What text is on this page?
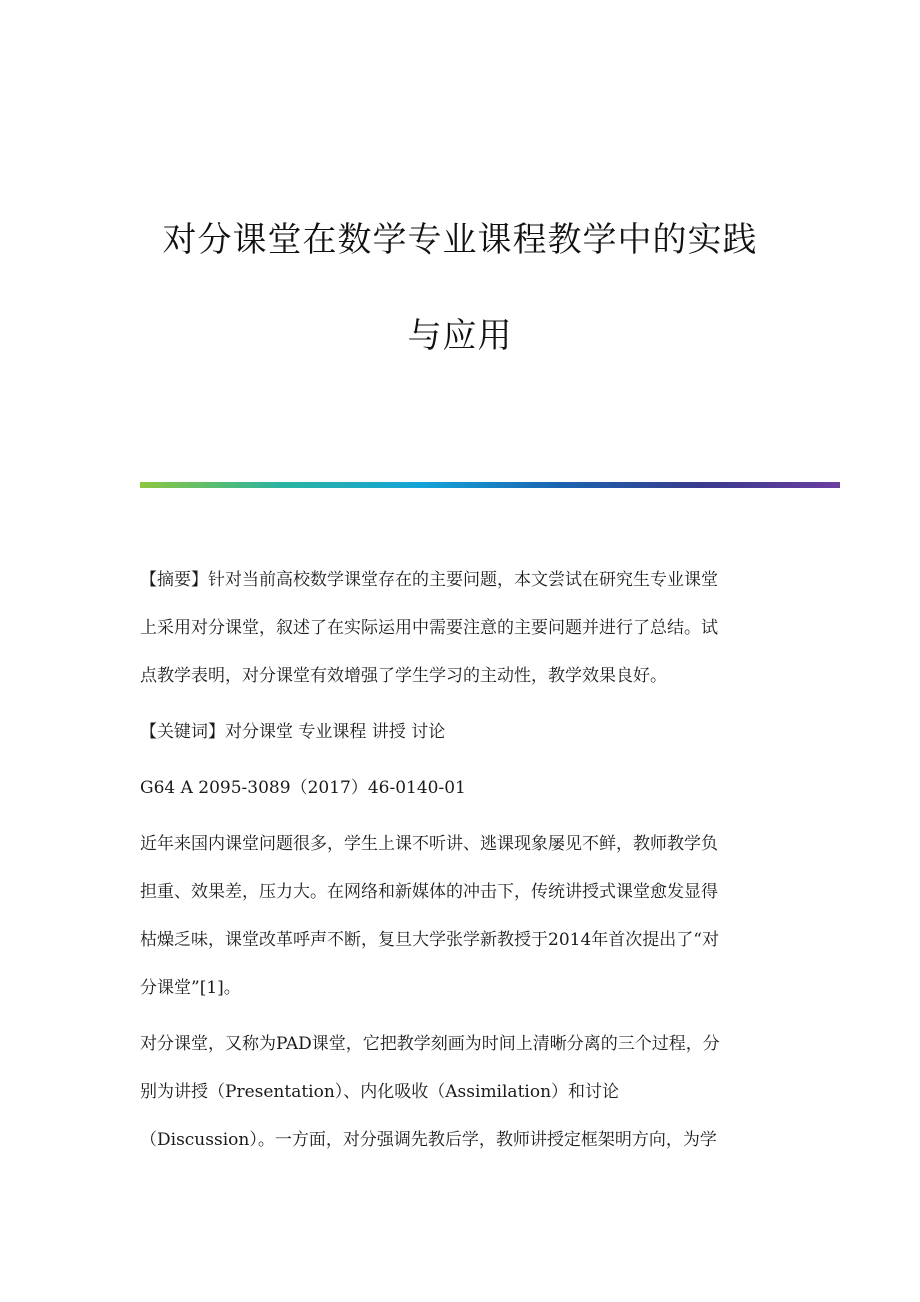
对分课堂在数学专业课程教学中的实践
与应用
【摘要】针对当前高校数学课堂存在的主要问题，本文尝试在研究生专业课堂
上采用对分课堂，叙述了在实际运用中需要注意的主要问题并进行了总结。试
点教学表明，对分课堂有效增强了学生学习的主动性，教学效果良好。
【关键词】对分课堂 专业课程 讲授 讨论
G64 A 2095-3089（2017）46-0140-01
近年来国内课堂问题很多，学生上课不听讲、逃课现象屡见不鲜，教师教学负
担重、效果差，压力大。在网络和新媒体的冲击下，传统讲授式课堂愈发显得
枯燥乏味，课堂改革呼声不断，复旦大学张学新教授于2014年首次提出了“对
分课堂”[1]。
对分课堂，又称为PAD课堂，它把教学刻画为时间上清晰分离的三个过程，分
别为讲授（Presentation）、内化吸收（Assimilation）和讨论
（Discussion）。一方面，对分强调先教后学，教师讲授定框架明方向，为学
